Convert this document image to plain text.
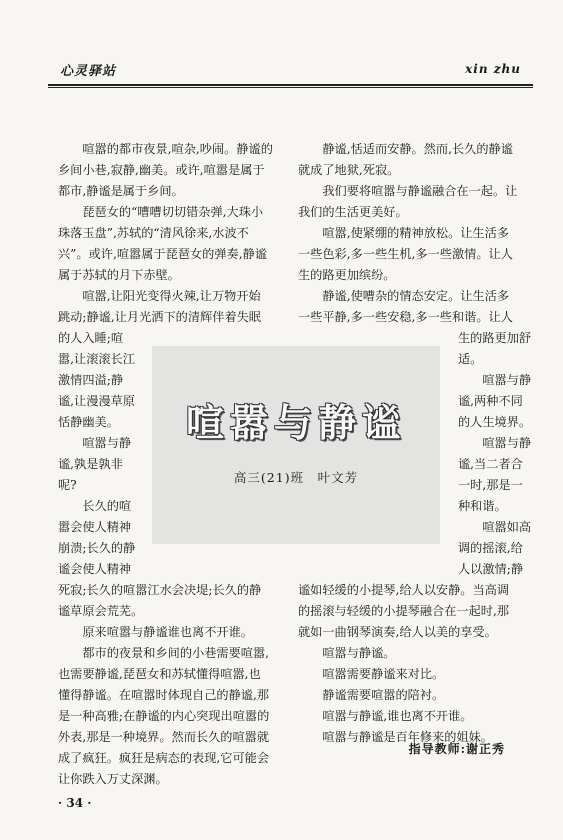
心灵驿站	xin zhu

　　喧嚣的都市夜景,喧杂,吵闹。静谧的

乡间小巷,寂静,幽美。或许,喧嚣是属于

都市,静谧是属于乡间。

　　琵琶女的“嘈嘈切切错杂弹,大珠小

珠落玉盘”,苏轼的“清风徐来,水波不

兴”。或许,喧嚣属于琵琶女的弹奏,静谧

属于苏轼的月下赤壁。

　　喧嚣,让阳光变得火辣,让万物开始

跳动;静谧,让月光洒下的清辉伴着失眠

的人入睡;喧

嚣,让滚滚长江

激情四溢;静

谧,让漫漫草原

恬静幽美。

　　喧嚣与静

谧,孰是孰非

呢?

　　长久的喧

嚣会使人精神

崩溃;长久的静

谧会使人精神

死寂;长久的喧嚣江水会决堤;长久的静

谧草原会荒芜。

　　原来喧嚣与静谧谁也离不开谁。

　　都市的夜景和乡间的小巷需要喧嚣,

也需要静谧,琵琶女和苏轼懂得喧嚣,也

懂得静谧。在喧嚣时体现自己的静谧,那

是一种高雅;在静谧的内心突现出喧嚣的

外表,那是一种境界。然而长久的喧嚣就

成了疯狂。疯狂是病态的表现,它可能会

让你跌入万丈深渊。

　　静谧,恬适而安静。然而,长久的静谧

就成了地狱,死寂。

　　我们要将喧嚣与静谧融合在一起。让

我们的生活更美好。

　　喧嚣,使紧绷的精神放松。让生活多

一些色彩,多一些生机,多一些激情。让人

生的路更加缤纷。

　　静谧,使嘈杂的情态安定。让生活多

一些平静,多一些安稳,多一些和谐。让人

生的路更加舒

适。

　　喧嚣与静

谧,两种不同

的人生境界。

　　喧嚣与静

谧,当二者合

一时,那是一

种和谐。

　　喧嚣如高

调的摇滚,给

人以激情;静

谧如轻缓的小提琴,给人以安静。当高调

的摇滚与轻缓的小提琴融合在一起时,那

就如一曲钢琴演奏,给人以美的享受。

　　喧嚣与静谧。

　　喧嚣需要静谧来对比。

　　静谧需要喧嚣的陪衬。

　　喧嚣与静谧,谁也离不开谁。

　　喧嚣与静谧是百年修来的姐妹。

喧嚣与静谧
高三(21)班　叶文芳
指导教师:谢正秀
· 34 ·
